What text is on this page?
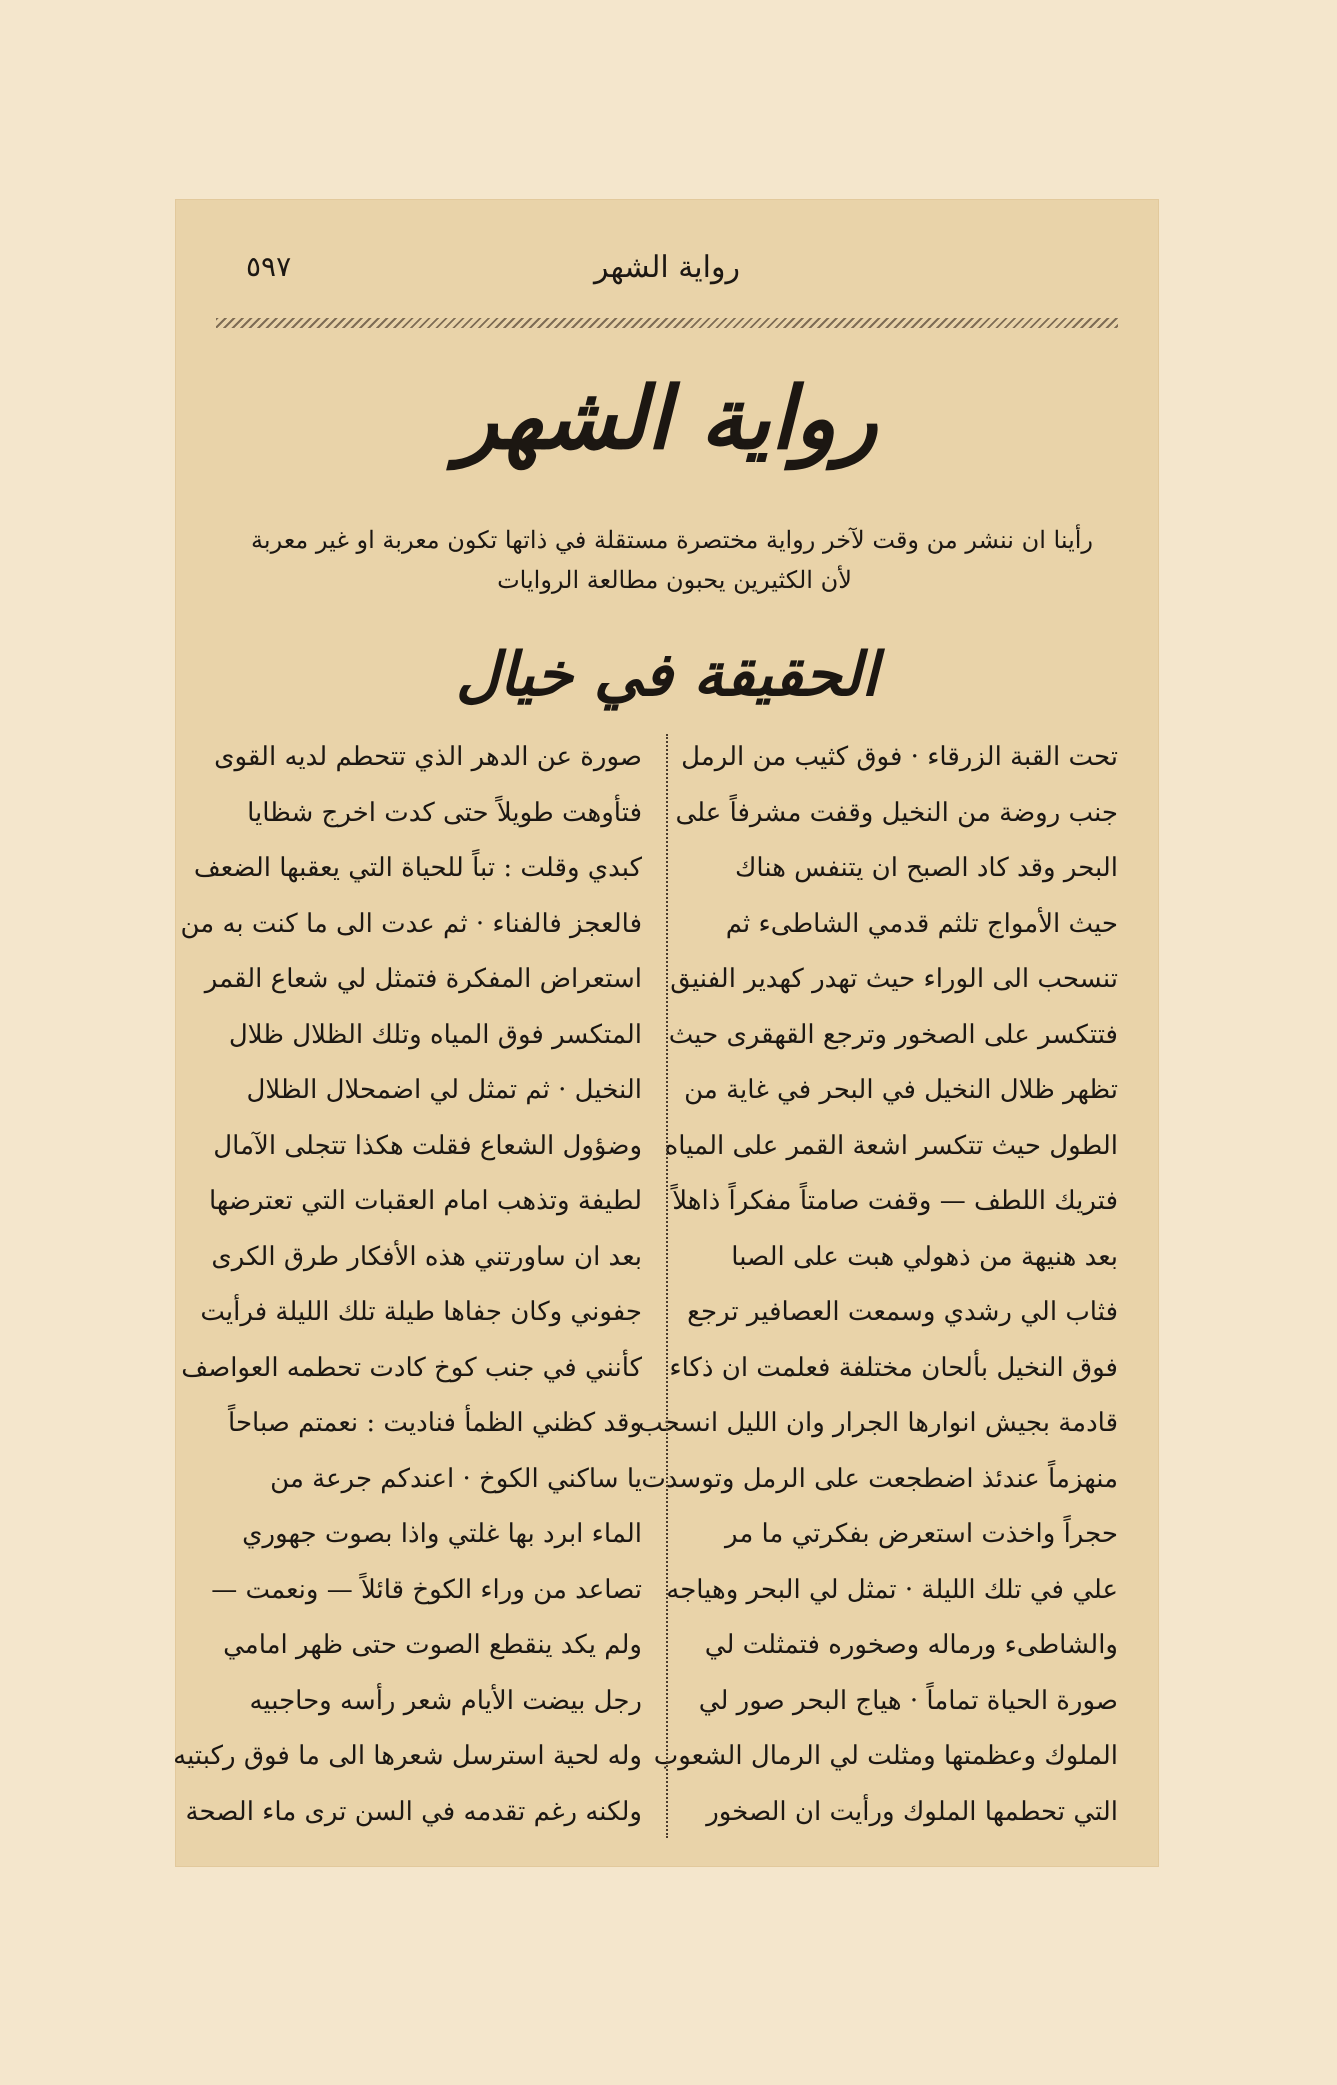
رواية الشهر
٥٩٧
رواية الشهر
رأينا ان ننشر من وقت لآخر رواية مختصرة مستقلة في ذاتها تكون معربة او غير معربة
لأن الكثيرين يحبون مطالعة الروايات
الحقيقة في خيال
تحت القبة الزرقاء · فوق كثيب من الرمل
جنب روضة من النخيل وقفت مشرفاً على
البحر وقد كاد الصبح ان يتنفس هناك
حيث الأمواج تلثم قدمي الشاطىء ثم
تنسحب الى الوراء حيث تهدر كهدير الفنيق
فتتكسر على الصخور وترجع القهقرى حيث
تظهر ظلال النخيل في البحر في غاية من
الطول حيث تتكسر اشعة القمر على المياه
فتريك اللطف — وقفت صامتاً مفكراً ذاهلاً
بعد هنيهة من ذهولي هبت على الصبا
فثاب الي رشدي وسمعت العصافير ترجع
فوق النخيل بألحان مختلفة فعلمت ان ذكاء
قادمة بجيش انوارها الجرار وان الليل انسحب
منهزماً عندئذ اضطجعت على الرمل وتوسدت
حجراً واخذت استعرض بفكرتي ما مر
علي في تلك الليلة · تمثل لي البحر وهياجه
والشاطىء ورماله وصخوره فتمثلت لي
صورة الحياة تماماً · هياج البحر صور لي
الملوك وعظمتها ومثلت لي الرمال الشعوب
التي تحطمها الملوك ورأيت ان الصخور
صورة عن الدهر الذي تتحطم لديه القوى
فتأوهت طويلاً حتى كدت اخرج شظايا
كبدي وقلت : تباً للحياة التي يعقبها الضعف
فالعجز فالفناء · ثم عدت الى ما كنت به من
استعراض المفكرة فتمثل لي شعاع القمر
المتكسر فوق المياه وتلك الظلال ظلال
النخيل · ثم تمثل لي اضمحلال الظلال
وضؤول الشعاع فقلت هكذا تتجلى الآمال
لطيفة وتذهب امام العقبات التي تعترضها
بعد ان ساورتني هذه الأفكار طرق الكرى
جفوني وكان جفاها طيلة تلك الليلة فرأيت
كأنني في جنب كوخ كادت تحطمه العواصف
وقد كظني الظمأ فناديت : نعمتم صباحاً
يا ساكني الكوخ · اعندكم جرعة من
الماء ابرد بها غلتي واذا بصوت جهوري
تصاعد من وراء الكوخ قائلاً — ونعمت —
ولم يكد ينقطع الصوت حتى ظهر امامي
رجل بيضت الأيام شعر رأسه وحاجبيه
وله لحية استرسل شعرها الى ما فوق ركبتيه
ولكنه رغم تقدمه في السن ترى ماء الصحة
